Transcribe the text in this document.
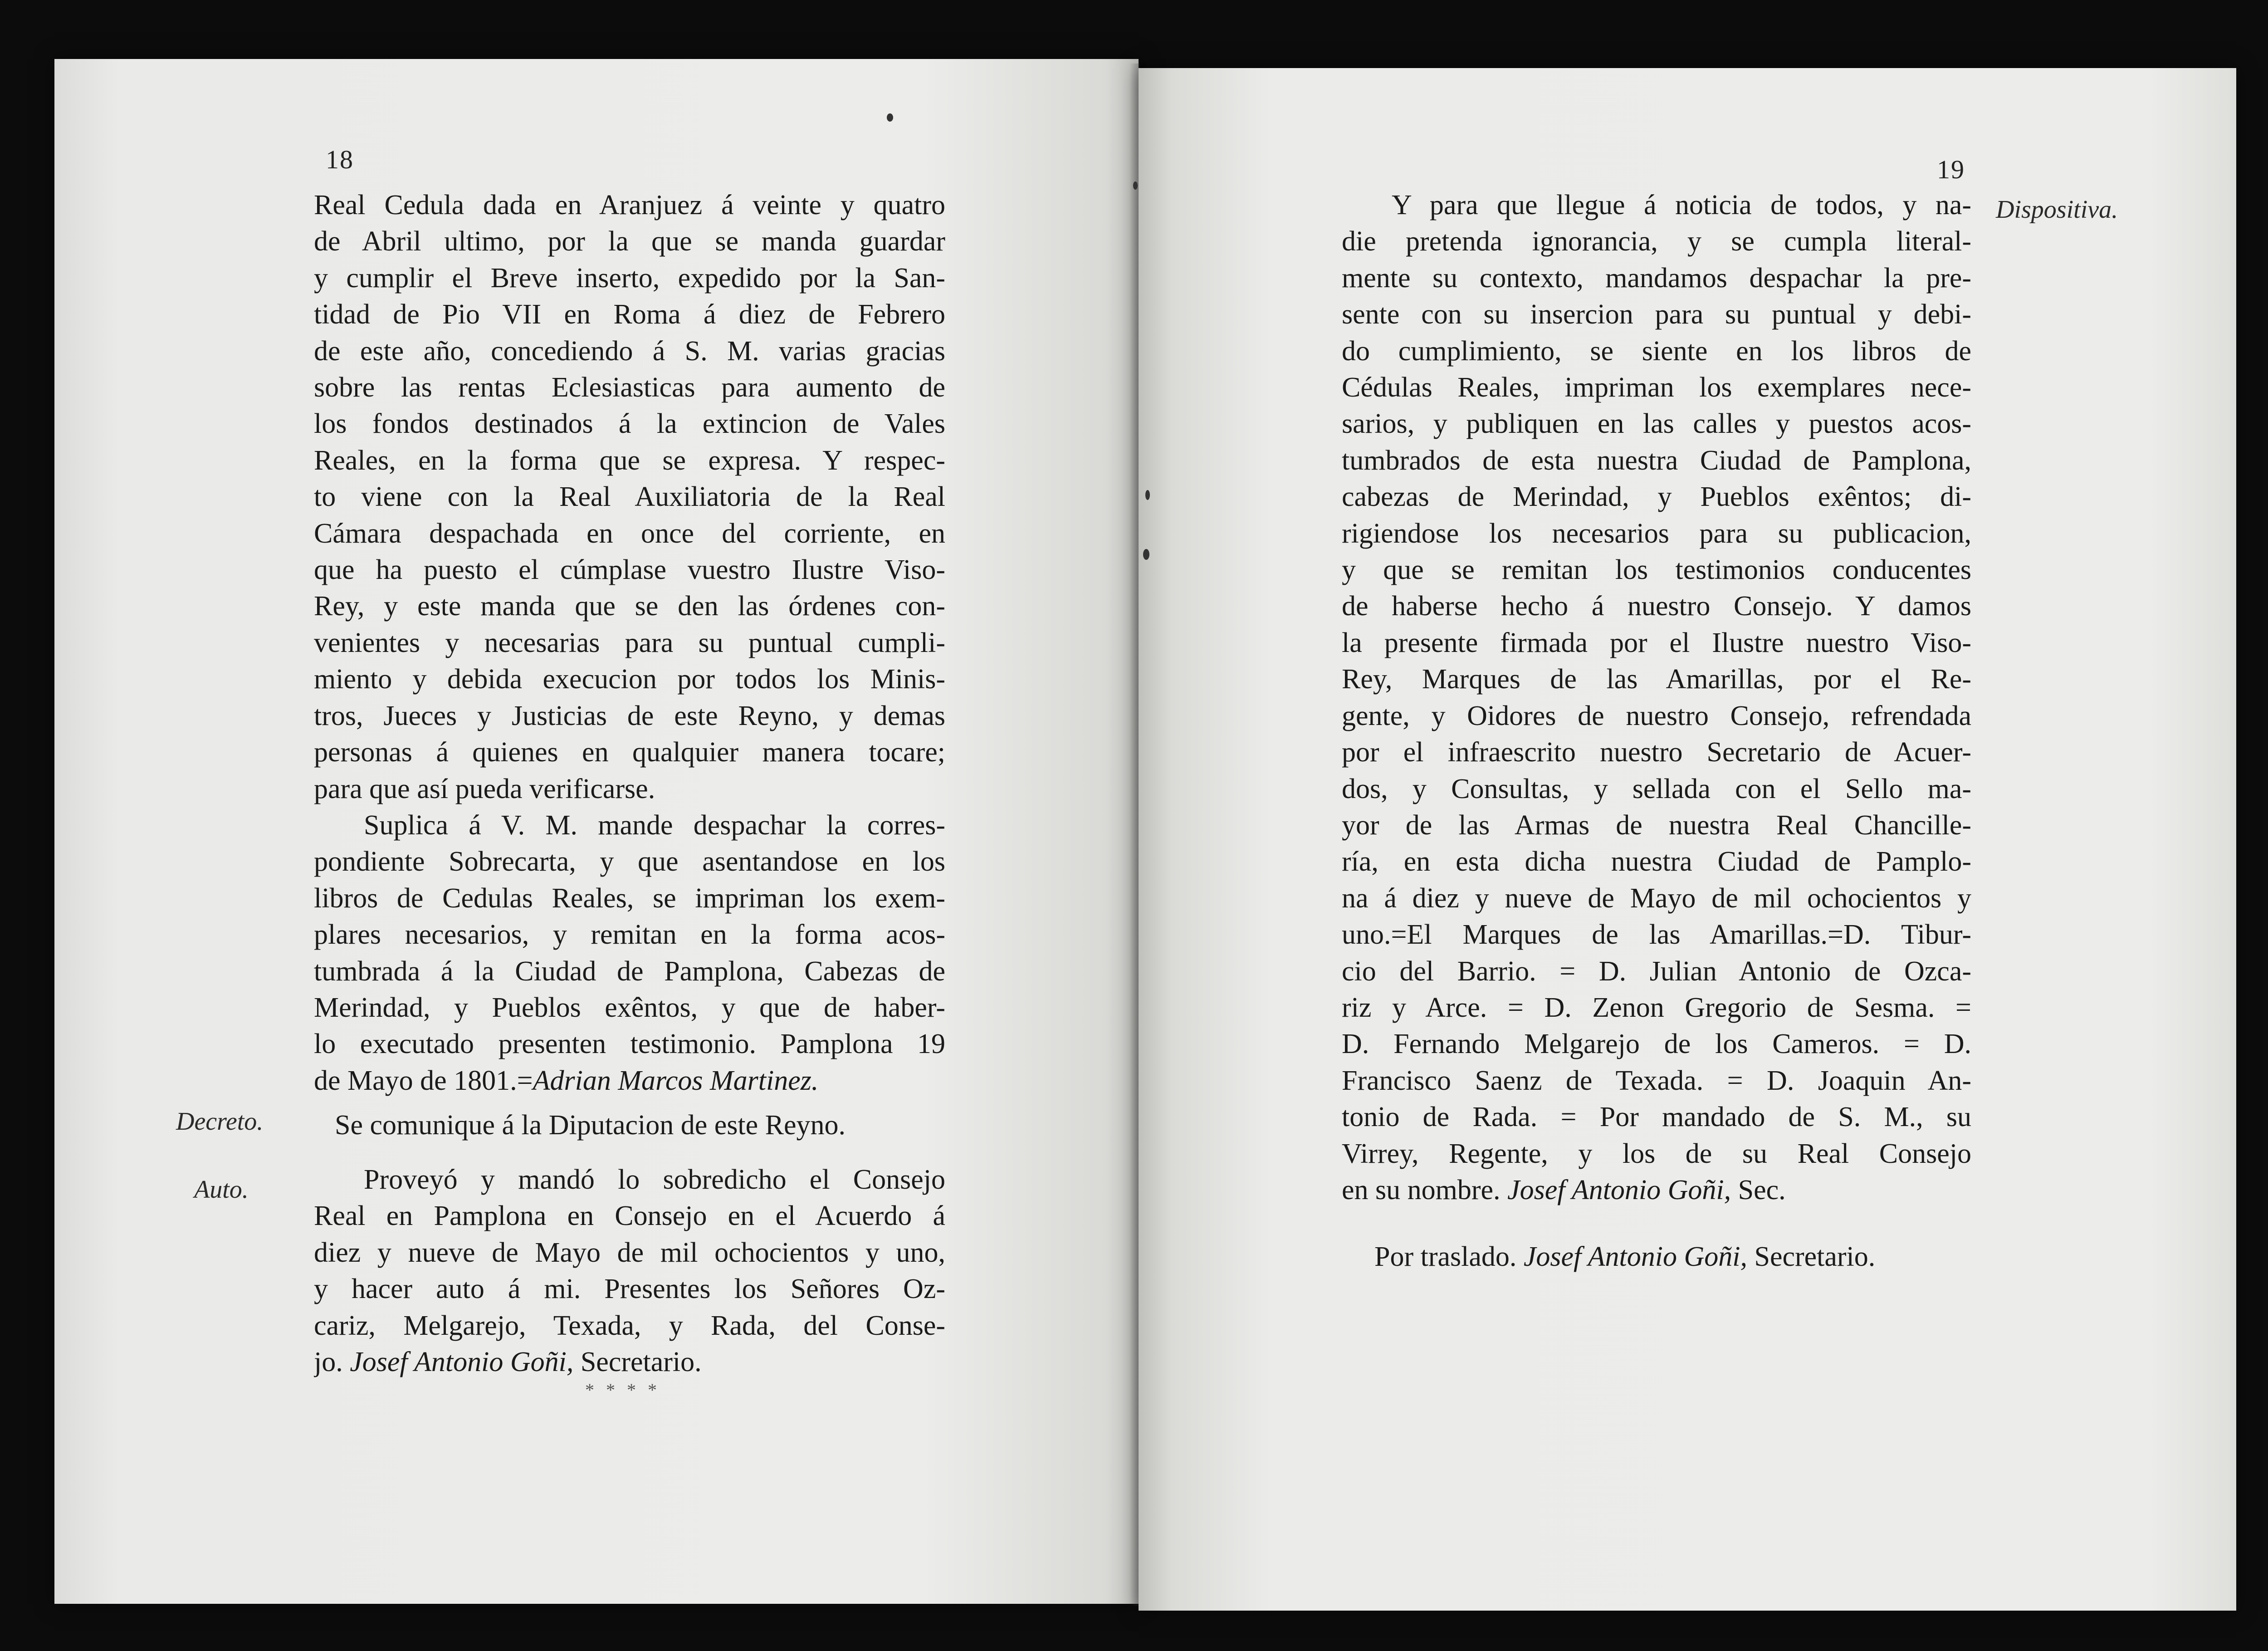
18
Real Cedula dada en Aranjuez á veinte y quatro
de Abril ultimo, por la que se manda guardar
y cumplir el Breve inserto, expedido por la San-
tidad de Pio VII en Roma á diez de Febrero
de este año, concediendo á S. M. varias gracias
sobre las rentas Eclesiasticas para aumento de
los fondos destinados á la extincion de Vales
Reales, en la forma que se expresa. Y respec-
to viene con la Real Auxiliatoria de la Real
Cámara despachada en once del corriente, en
que ha puesto el cúmplase vuestro Ilustre Viso-
Rey, y este manda que se den las órdenes con-
venientes y necesarias para su puntual cumpli-
miento y debida execucion por todos los Minis-
tros, Jueces y Justicias de este Reyno, y demas
personas á quienes en qualquier manera tocare;
para que así pueda verificarse.
Suplica á V. M. mande despachar la corres-
pondiente Sobrecarta, y que asentandose en los
libros de Cedulas Reales, se impriman los exem-
plares necesarios, y remitan en la forma acos-
tumbrada á la Ciudad de Pamplona, Cabezas de
Merindad, y Pueblos exêntos, y que de haber-
lo executado presenten testimonio. Pamplona 19
de Mayo de 1801.=Adrian Marcos Martinez.
Decreto.	Se comunique á la Diputacion de este Reyno.
Auto.	Proveyó y mandó lo sobredicho el Consejo
Real en Pamplona en Consejo en el Acuerdo á
diez y nueve de Mayo de mil ochocientos y uno,
y hacer auto á mi. Presentes los Señores Oz-
cariz, Melgarejo, Texada, y Rada, del Conse-
jo. Josef Antonio Goñi, Secretario.
* * * *
19
Dispositiva.
Y para que llegue á noticia de todos, y na-
die pretenda ignorancia, y se cumpla literal-
mente su contexto, mandamos despachar la pre-
sente con su insercion para su puntual y debi-
do cumplimiento, se siente en los libros de
Cédulas Reales, impriman los exemplares nece-
sarios, y publiquen en las calles y puestos acos-
tumbrados de esta nuestra Ciudad de Pamplona,
cabezas de Merindad, y Pueblos exêntos; di-
rigiendose los necesarios para su publicacion,
y que se remitan los testimonios conducentes
de haberse hecho á nuestro Consejo. Y damos
la presente firmada por el Ilustre nuestro Viso-
Rey, Marques de las Amarillas, por el Re-
gente, y Oidores de nuestro Consejo, refrendada
por el infraescrito nuestro Secretario de Acuer-
dos, y Consultas, y sellada con el Sello ma-
yor de las Armas de nuestra Real Chancille-
ría, en esta dicha nuestra Ciudad de Pamplo-
na á diez y nueve de Mayo de mil ochocientos y
uno.=El Marques de las Amarillas.=D. Tibur-
cio del Barrio. = D. Julian Antonio de Ozca-
riz y Arce. = D. Zenon Gregorio de Sesma. =
D. Fernando Melgarejo de los Cameros. = D.
Francisco Saenz de Texada. = D. Joaquin An-
tonio de Rada. = Por mandado de S. M., su
Virrey, Regente, y los de su Real Consejo
en su nombre. Josef Antonio Goñi, Sec.
Por traslado. Josef Antonio Goñi, Secretario.
